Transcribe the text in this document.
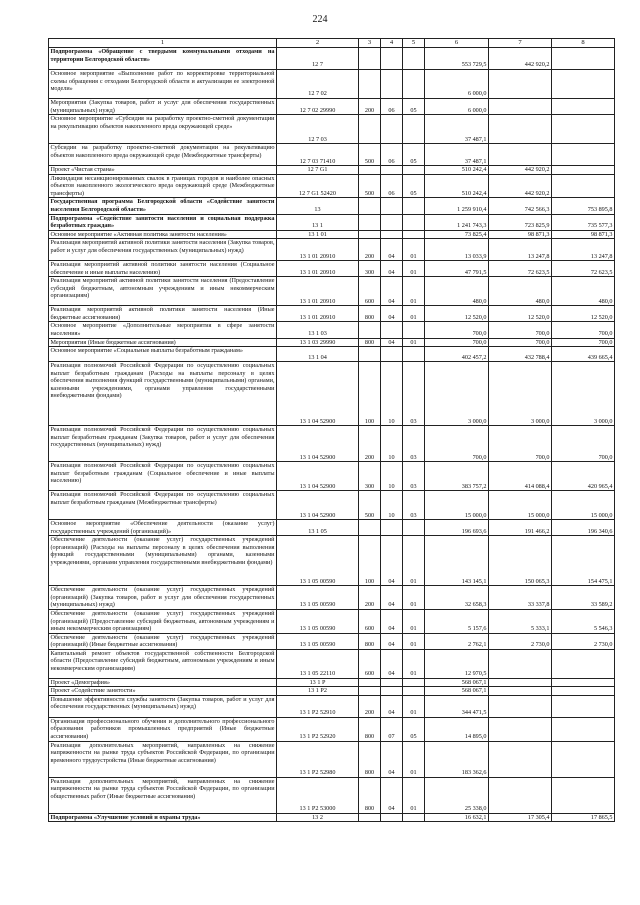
224
1	2	3	4	5	6	7	8
Подпрограмма «Обращение с твердыми коммунальными отходами на территории Белгородской области»	12 7				553 729,5	442 920,2	
Основное мероприятие «Выполнение работ по корректировке территориальной схемы обращения с отходами Белгородской области и актуализация ее электронной модели»	12 7 02				6 000,0		
Мероприятия (Закупка товаров, работ и услуг для обеспечения государственных (муниципальных) нужд)	12 7 02 29990	200	06	05	6 000,0		
Основное мероприятие «Субсидия на разработку проектно-сметной документации на рекультивацию объектов накопленного вреда окружающей среде»	12 7 03				37 487,1		
Субсидии на разработку проектно-сметной документации на рекультивацию объектов накопленного вреда окружающей среде (Межбюджетные трансферты)	12 7 03 71410	500	06	05	37 487,1		
Проект «Чистая страна»	12 7 G1				510 242,4	442 920,2	
Ликвидация несанкционированных свалок в границах городов и наиболее опасных объектов накопленного экологического вреда окружающей среде (Межбюджетные трансферты)	12 7 G1 52420	500	06	05	510 242,4	442 920,2	
Государственная программа Белгородской области «Содействие занятости населения Белгородской области»	13				1 259 910,4	742 566,3	753 895,8
Подпрограмма «Содействие занятости населения и социальная поддержка безработных граждан»	13 1				1 241 743,3	723 825,9	735 577,3
Основное мероприятие «Активная политика занятости населения»	13 1 01				73 825,4	98 871,3	98 871,3
Реализация мероприятий активной политики занятости населения (Закупка товаров, работ и услуг для обеспечения государственных (муниципальных) нужд)	13 1 01 20910	200	04	01	13 033,9	13 247,8	13 247,8
Реализация мероприятий активной политики занятости населения (Социальное обеспечение и иные выплаты населению)	13 1 01 20910	300	04	01	47 791,5	72 623,5	72 623,5
Реализация мероприятий активной политики занятости населения (Предоставление субсидий бюджетным, автономным учреждениям и иным некоммерческим организациям)	13 1 01 20910	600	04	01	480,0	480,0	480,0
Реализация мероприятий активной политики занятости населения (Иные бюджетные ассигнования)	13 1 01 20910	800	04	01	12 520,0	12 520,0	12 520,0
Основное мероприятие «Дополнительные мероприятия в сфере занятости населения»	13 1 03				700,0	700,0	700,0
Мероприятия (Иные бюджетные ассигнования)	13 1 03 29990	800	04	01	700,0	700,0	700,0
Основное мероприятие «Социальные выплаты безработным гражданам»	13 1 04				402 457,2	432 788,4	439 665,4
Реализация полномочий Российской Федерации по осуществлению социальных выплат безработным гражданам (Расходы на выплаты персоналу в целях обеспечения выполнения функций государственными (муниципальными) органами, казенными учреждениями, органами управления государственными внебюджетными фондами)	13 1 04 52900	100	10	03	3 000,0	3 000,0	3 000,0
Реализация полномочий Российской Федерации по осуществлению социальных выплат безработным гражданам (Закупка товаров, работ и услуг для обеспечения государственных (муниципальных) нужд)	13 1 04 52900	200	10	03	700,0	700,0	700,0
Реализация полномочий Российской Федерации по осуществлению социальных выплат безработным гражданам (Социальное обеспечение и иные выплаты населению)	13 1 04 52900	300	10	03	383 757,2	414 088,4	420 965,4
Реализация полномочий Российской Федерации по осуществлению социальных выплат безработным гражданам (Межбюджетные трансферты)	13 1 04 52900	500	10	03	15 000,0	15 000,0	15 000,0
Основное мероприятие «Обеспечение деятельности (оказание услуг) государственных учреждений (организаций)»	13 1 05				196 693,6	191 466,2	196 340,6
Обеспечение деятельности (оказание услуг) государственных учреждений (организаций) (Расходы на выплаты персоналу в целях обеспечения выполнения функций государственными (муниципальными) органами, казенными учреждениями, органами управления государственными внебюджетными фондами)	13 1 05 00590	100	04	01	143 145,1	150 065,3	154 475,1
Обеспечение деятельности (оказание услуг) государственных учреждений (организаций) (Закупка товаров, работ и услуг для обеспечения государственных (муниципальных) нужд)	13 1 05 00590	200	04	01	32 658,3	33 337,8	33 589,2
Обеспечение деятельности (оказание услуг) государственных учреждений (организаций) (Предоставление субсидий бюджетным, автономным учреждениям и иным некоммерческим организациям)	13 1 05 00590	600	04	01	5 157,6	5 333,1	5 546,3
Обеспечение деятельности (оказание услуг) государственных учреждений (организаций) (Иные бюджетные ассигнования)	13 1 05 00590	800	04	01	2 762,1	2 730,0	2 730,0
Капитальный ремонт объектов государственной собственности Белгородской области (Предоставление субсидий бюджетным, автономным учреждениям и иным некоммерческим организациям)	13 1 05 22110	600	04	01	12 970,5		
Проект «Демография»	13 1 P				568 067,1		
Проект «Содействие занятости»	13 1 P2				568 067,1		
Повышение эффективности службы занятости (Закупка товаров, работ и услуг для обеспечения государственных (муниципальных) нужд)	13 1 P2 52910	200	04	01	344 471,5		
Организация профессионального обучения и дополнительного профессионального образования работников промышленных предприятий (Иные бюджетные ассигнования)	13 1 P2 52920	800	07	05	14 895,0		
Реализация дополнительных мероприятий, направленных на снижение напряженности на рынке труда субъектов Российской Федерации, по организации временного трудоустройства (Иные бюджетные ассигнования)	13 1 P2 52980	800	04	01	183 362,6		
Реализация дополнительных мероприятий, направленных на снижение напряженности на рынке труда субъектов Российской Федерации, по организации общественных работ (Иные бюджетные ассигнования)	13 1 P2 53000	800	04	01	25 338,0		
Подпрограмма «Улучшение условий и охраны труда»	13 2				16 632,1	17 305,4	17 865,5
